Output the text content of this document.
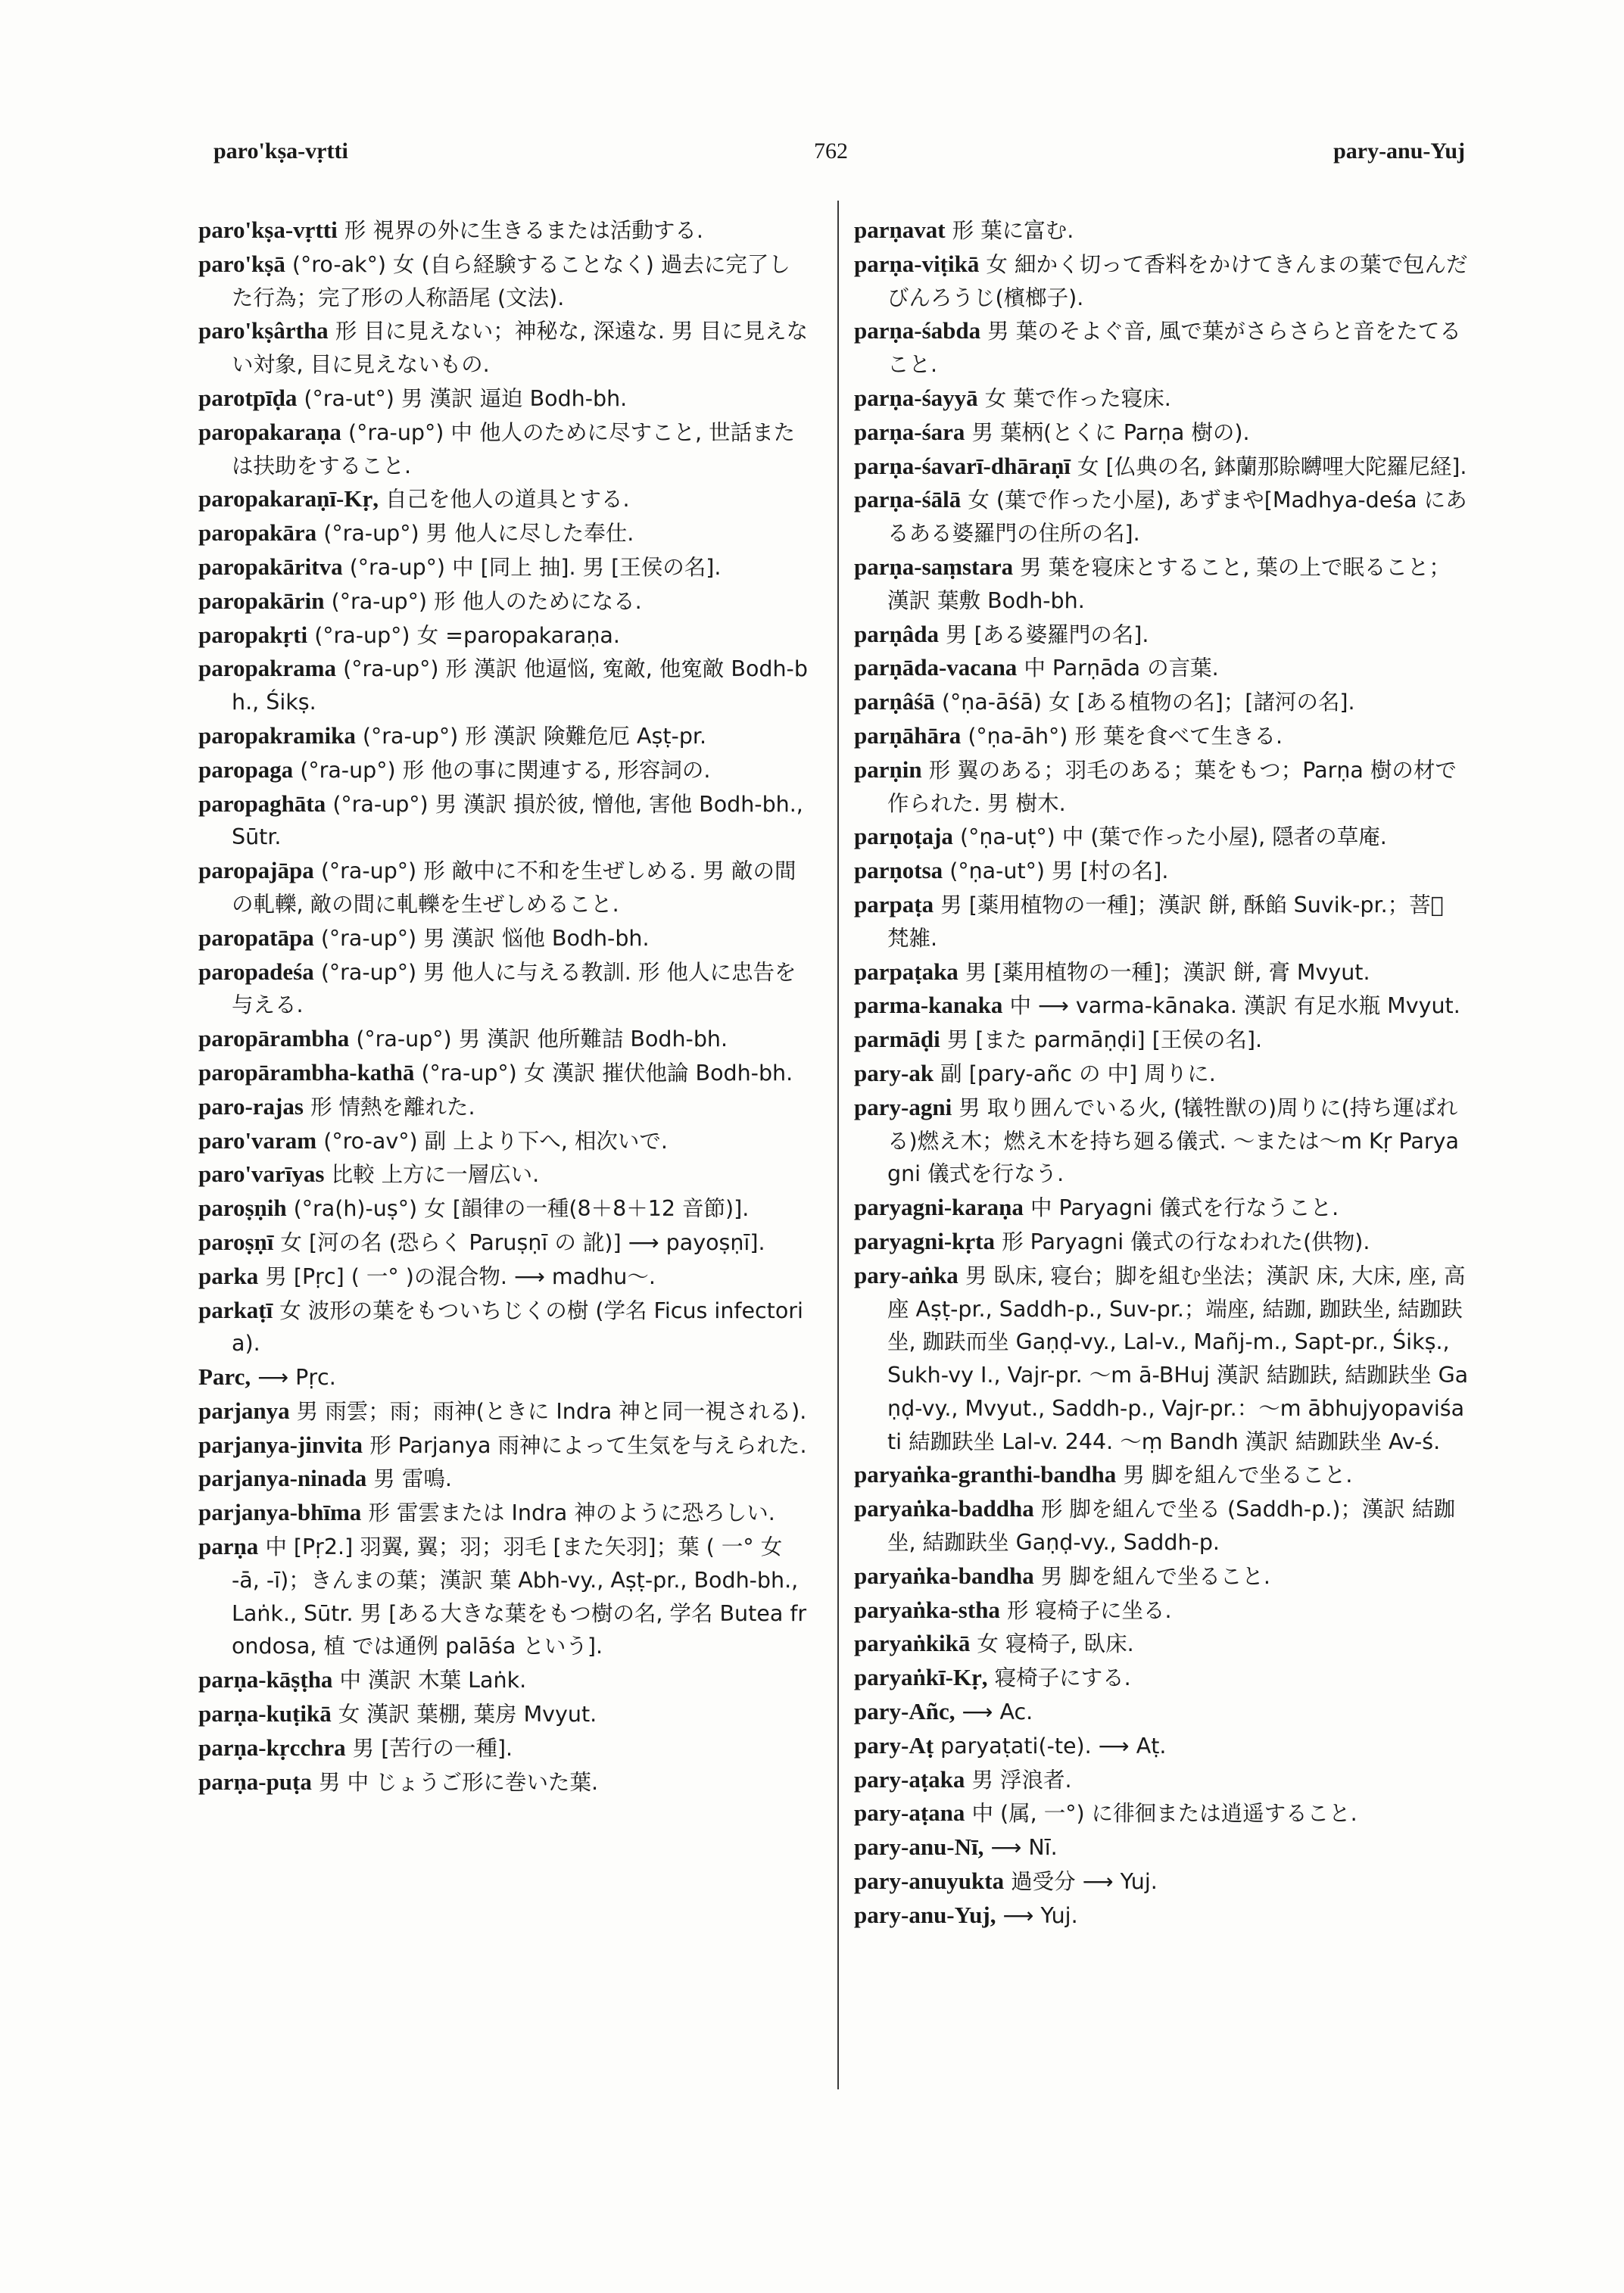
paro'kṣa-vṛtti	762	pary-anu-Yuj
paro'kṣa-vṛtti 形 視界の外に生きるまたは活動する.
paro'kṣā (°ro-ak°) 女 (自ら経験することなく) 過去に完了した行為；完了形の人称語尾 (文法).
paro'kṣârtha 形 目に見えない；神秘な, 深遠な. 男 目に見えない対象, 目に見えないもの.
parotpīḍa (°ra-ut°) 男 漢訳 逼迫 Bodh-bh.
paropakaraṇa (°ra-up°) 中 他人のために尽すこと, 世話または扶助をすること.
paropakaraṇī-Kṛ, 自己を他人の道具とする.
paropakāra (°ra-up°) 男 他人に尽した奉仕.
paropakāritva (°ra-up°) 中 [同上 抽]. 男 [王侯の名].
paropakārin (°ra-up°) 形 他人のためになる.
paropakṛti (°ra-up°) 女 =paropakaraṇa.
paropakrama (°ra-up°) 形 漢訳 他逼悩, 寃敵, 他寃敵 Bodh-bh., Śikṣ.
paropakramika (°ra-up°) 形 漢訳 険難危厄 Aṣṭ-pr.
paropaga (°ra-up°) 形 他の事に関連する, 形容詞の.
paropaghāta (°ra-up°) 男 漢訳 損於彼, 憎他, 害他 Bodh-bh., Sūtr.
paropajāpa (°ra-up°) 形 敵中に不和を生ぜしめる. 男 敵の間の軋轢, 敵の間に軋轢を生ぜしめること.
paropatāpa (°ra-up°) 男 漢訳 悩他 Bodh-bh.
paropadeśa (°ra-up°) 男 他人に与える教訓. 形 他人に忠告を与える.
paropārambha (°ra-up°) 男 漢訳 他所難詰 Bodh-bh.
paropārambha-kathā (°ra-up°) 女 漢訳 摧伏他論 Bodh-bh.
paro-rajas 形 情熱を離れた.
paro'varam (°ro-av°) 副 上より下へ, 相次いで.
paro'varīyas 比較 上方に一層広い.
paroṣṇih (°ra(h)-uṣ°) 女 [韻律の一種(8＋8＋12 音節)].
paroṣṇī 女 [河の名 (恐らく Paruṣṇī の 訛)] ⟶ payoṣṇī].
parka 男 [Pṛc] ( 一° )の混合物. ⟶ madhu～.
parkaṭī 女 波形の葉をもついちじくの樹 (学名 Ficus infectoria).
Parc, ⟶ Pṛc.
parjanya 男 雨雲；雨；雨神(ときに Indra 神と同一視される).
parjanya-jinvita 形 Parjanya 雨神によって生気を与えられた.
parjanya-ninada 男 雷鳴.
parjanya-bhīma 形 雷雲または Indra 神のように恐ろしい.
parṇa 中 [Pṛ2.] 羽翼, 翼；羽；羽毛 [また矢羽]；葉 ( 一° 女 -ā, -ī)；きんまの葉；漢訳 葉 Abh-vy., Aṣṭ-pr., Bodh-bh., Laṅk., Sūtr. 男 [ある大きな葉をもつ樹の名, 学名 Butea frondosa, 植 では通例 palāśa という].
parṇa-kāṣṭha 中 漢訳 木葉 Laṅk.
parṇa-kuṭikā 女 漢訳 葉棚, 葉房 Mvyut.
parṇa-kṛcchra 男 [苦行の一種].
parṇa-puṭa 男 中 じょうご形に巻いた葉.
parṇavat 形 葉に富む.
parṇa-viṭikā 女 細かく切って香料をかけてきんまの葉で包んだびんろうじ(檳榔子).
parṇa-śabda 男 葉のそよぐ音, 風で葉がさらさらと音をたてること.
parṇa-śayyā 女 葉で作った寝床.
parṇa-śara 男 葉柄(とくに Parṇa 樹の).
parṇa-śavarī-dhāraṇī 女 [仏典の名, 鉢蘭那賒嚩哩大陀羅尼経].
parṇa-śālā 女 (葉で作った小屋), あずまや[Madhya-deśa にあるある婆羅門の住所の名].
parṇa-saṃstara 男 葉を寝床とすること, 葉の上で眠ること；漢訳 葉敷 Bodh-bh.
parṇâda 男 [ある婆羅門の名].
parṇāda-vacana 中 Parṇāda の言葉.
parṇâśā (°ṇa-āśā) 女 [ある植物の名]；[諸河の名].
parṇāhāra (°ṇa-āh°) 形 葉を食べて生きる.
parṇin 形 翼のある；羽毛のある；葉をもつ；Parṇa 樹の材で作られた. 男 樹木.
parṇoṭaja (°ṇa-uṭ°) 中 (葉で作った小屋), 隠者の草庵.
parṇotsa (°ṇa-ut°) 男 [村の名].
parpaṭa 男 [薬用植物の一種]；漢訳 餅, 酥餡 Suvik-pr.；菩𦵔 梵雑.
parpaṭaka 男 [薬用植物の一種]；漢訳 餅, 膏 Mvyut.
parma-kanaka 中 ⟶ varma-kānaka. 漢訳 有足水瓶 Mvyut.
parmāḍi 男 [また parmāṇḍi] [王侯の名].
pary-ak 副 [pary-añc の 中] 周りに.
pary-agni 男 取り囲んでいる火, (犠牲獣の)周りに(持ち運ばれる)燃え木；燃え木を持ち廻る儀式. ～または～m Kṛ Paryagni 儀式を行なう.
paryagni-karaṇa 中 Paryagni 儀式を行なうこと.
paryagni-kṛta 形 Paryagni 儀式の行なわれた(供物).
pary-aṅka 男 臥床, 寝台；脚を組む坐法；漢訳 床, 大床, 座, 高座 Aṣṭ-pr., Saddh-p., Suv-pr.；端座, 結跏, 跏趺坐, 結跏趺坐, 跏趺而坐 Gaṇḍ-vy., Lal-v., Mañj-m., Sapt-pr., Śikṣ., Sukh-vy I., Vajr-pr. ～m ā-BHuj 漢訳 結跏趺, 結跏趺坐 Gaṇḍ-vy., Mvyut., Saddh-p., Vajr-pr.：～m ābhujyopaviśati 結跏趺坐 Lal-v. 244. ～ṃ Bandh 漢訳 結跏趺坐 Av-ś.
paryaṅka-granthi-bandha 男 脚を組んで坐ること.
paryaṅka-baddha 形 脚を組んで坐る (Saddh-p.)；漢訳 結跏坐, 結跏趺坐 Gaṇḍ-vy., Saddh-p.
paryaṅka-bandha 男 脚を組んで坐ること.
paryaṅka-stha 形 寝椅子に坐る.
paryaṅkikā 女 寝椅子, 臥床.
paryaṅkī-Kṛ, 寝椅子にする.
pary-Añc, ⟶ Ac.
pary-Aṭ paryaṭati(-te). ⟶ Aṭ.
pary-aṭaka 男 浮浪者.
pary-aṭana 中 (属, 一°) に徘徊または逍遥すること.
pary-anu-Nī, ⟶ Nī.
pary-anuyukta 過受分 ⟶ Yuj.
pary-anu-Yuj, ⟶ Yuj.
